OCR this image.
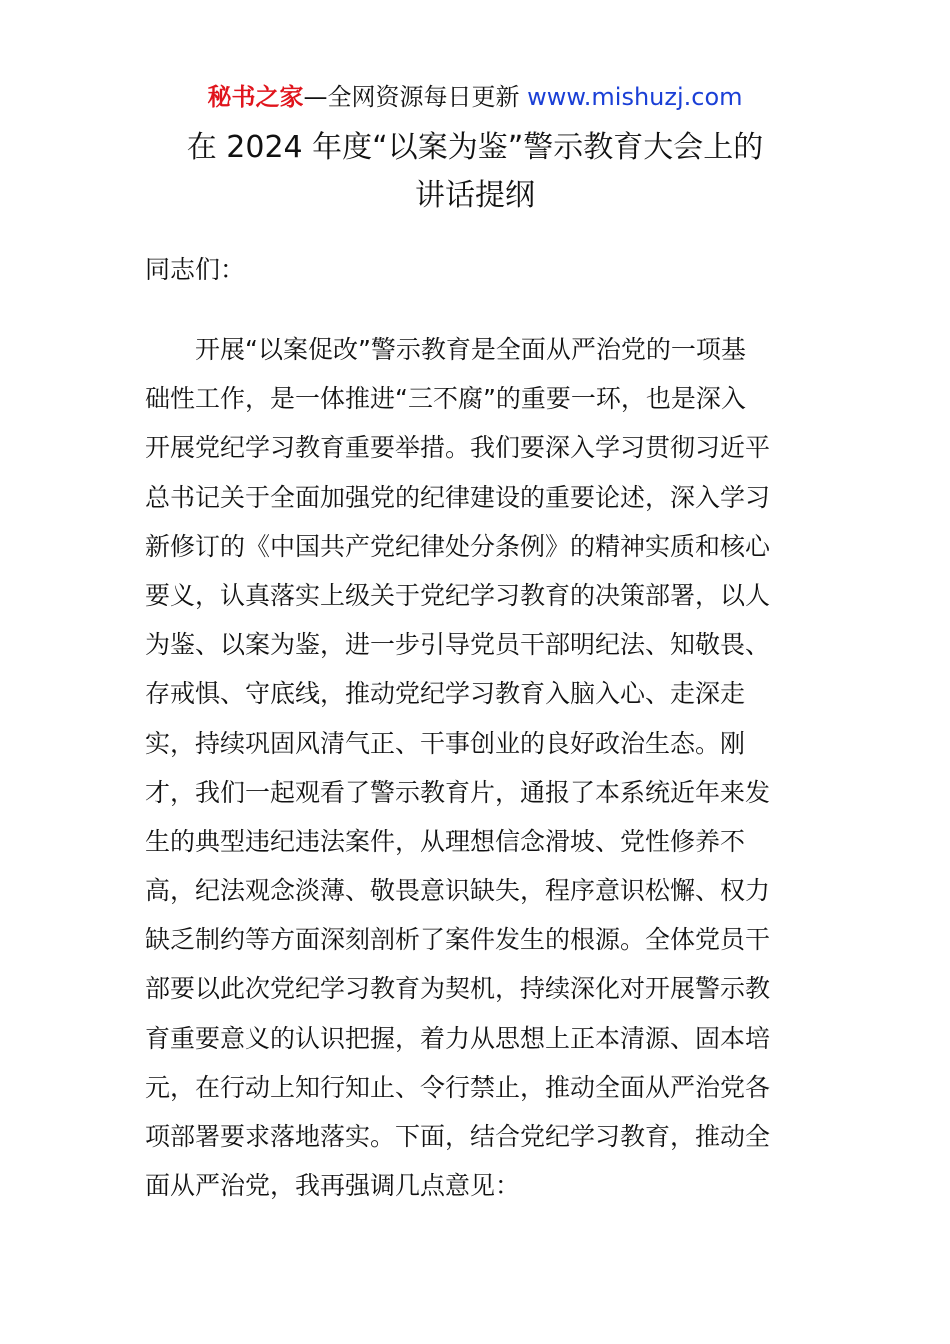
秘书之家—全网资源每日更新 www.mishuzj.com
在 2024 年度“以案为鉴”警示教育大会上的
讲话提纲
同志们：
开展“以案促改”警示教育是全面从严治党的一项基
础性工作，是一体推进“三不腐”的重要一环，也是深入
开展党纪学习教育重要举措。我们要深入学习贯彻习近平
总书记关于全面加强党的纪律建设的重要论述，深入学习
新修订的《中国共产党纪律处分条例》的精神实质和核心
要义，认真落实上级关于党纪学习教育的决策部署，以人
为鉴、以案为鉴，进一步引导党员干部明纪法、知敬畏、
存戒惧、守底线，推动党纪学习教育入脑入心、走深走
实，持续巩固风清气正、干事创业的良好政治生态。刚
才，我们一起观看了警示教育片，通报了本系统近年来发
生的典型违纪违法案件，从理想信念滑坡、党性修养不
高，纪法观念淡薄、敬畏意识缺失，程序意识松懈、权力
缺乏制约等方面深刻剖析了案件发生的根源。全体党员干
部要以此次党纪学习教育为契机，持续深化对开展警示教
育重要意义的认识把握，着力从思想上正本清源、固本培
元，在行动上知行知止、令行禁止，推动全面从严治党各
项部署要求落地落实。下面，结合党纪学习教育，推动全
面从严治党，我再强调几点意见：
